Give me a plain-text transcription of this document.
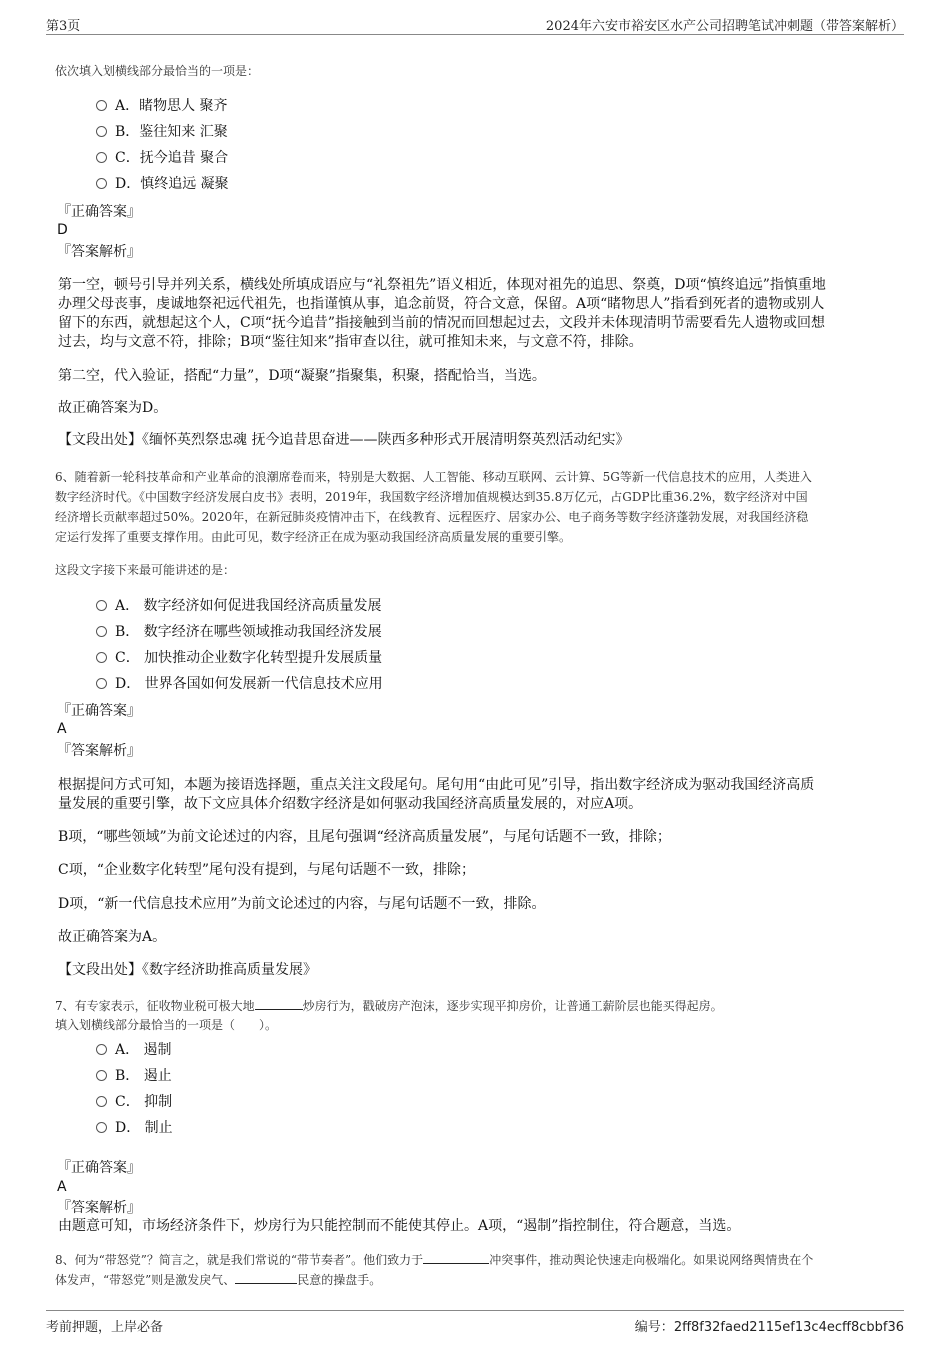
第3页	2024年六安市裕安区水产公司招聘笔试冲刺题（带答案解析）
依次填入划横线部分最恰当的一项是：
A．睹物思人 聚齐
B．鉴往知来 汇聚
C．抚今追昔 聚合
D．慎终追远 凝聚
『正确答案』
D
『答案解析』
第一空，顿号引导并列关系，横线处所填成语应与“礼祭祖先”语义相近，体现对祖先的追思、祭奠，D项“慎终追远”指慎重地
办理父母丧事，虔诚地祭祀远代祖先，也指谨慎从事，追念前贤，符合文意，保留。A项“睹物思人”指看到死者的遗物或别人
留下的东西，就想起这个人，C项“抚今追昔”指接触到当前的情况而回想起过去，文段并未体现清明节需要看先人遗物或回想
过去，均与文意不符，排除；B项“鉴往知来”指审查以往，就可推知未来，与文意不符，排除。
第二空，代入验证，搭配“力量”，D项“凝聚”指聚集，积聚，搭配恰当，当选。
故正确答案为D。
【文段出处】《缅怀英烈祭忠魂 抚今追昔思奋进——陕西多种形式开展清明祭英烈活动纪实》
6、随着新一轮科技革命和产业革命的浪潮席卷而来，特别是大数据、人工智能、移动互联网、云计算、5G等新一代信息技术的应用，人类进入
数字经济时代。《中国数字经济发展白皮书》表明，2019年，我国数字经济增加值规模达到35.8万亿元，占GDP比重36.2%，数字经济对中国
经济增长贡献率超过50%。2020年，在新冠肺炎疫情冲击下，在线教育、远程医疗、居家办公、电子商务等数字经济蓬勃发展，对我国经济稳
定运行发挥了重要支撑作用。由此可见，数字经济正在成为驱动我国经济高质量发展的重要引擎。
这段文字接下来最可能讲述的是：
A． 数字经济如何促进我国经济高质量发展
B． 数字经济在哪些领域推动我国经济发展
C． 加快推动企业数字化转型提升发展质量
D． 世界各国如何发展新一代信息技术应用
『正确答案』
A
『答案解析』
根据提问方式可知，本题为接语选择题，重点关注文段尾句。尾句用“由此可见”引导，指出数字经济成为驱动我国经济高质
量发展的重要引擎，故下文应具体介绍数字经济是如何驱动我国经济高质量发展的，对应A项。
B项，“哪些领域”为前文论述过的内容，且尾句强调“经济高质量发展”，与尾句话题不一致，排除；
C项，“企业数字化转型”尾句没有提到，与尾句话题不一致，排除；
D项，“新一代信息技术应用”为前文论述过的内容，与尾句话题不一致，排除。
故正确答案为A。
【文段出处】《数字经济助推高质量发展》
7、有专家表示，征收物业税可极大地	炒房行为，戳破房产泡沫，逐步实现平抑房价，让普通工薪阶层也能买得起房。
填入划横线部分最恰当的一项是（　　）。
A． 遏制
B． 遏止
C． 抑制
D． 制止
『正确答案』
A
『答案解析』
由题意可知，市场经济条件下，炒房行为只能控制而不能使其停止。A项，“遏制”指控制住，符合题意，当选。
8、何为“带怒党”？简言之，就是我们常说的“带节奏者”。他们致力于	冲突事件，推动舆论快速走向极端化。如果说网络舆情贵在个
体发声，“带怒党”则是激发戾气、	民意的操盘手。
考前押题，上岸必备	编号：2ff8f32faed2115ef13c4ecff8cbbf36
